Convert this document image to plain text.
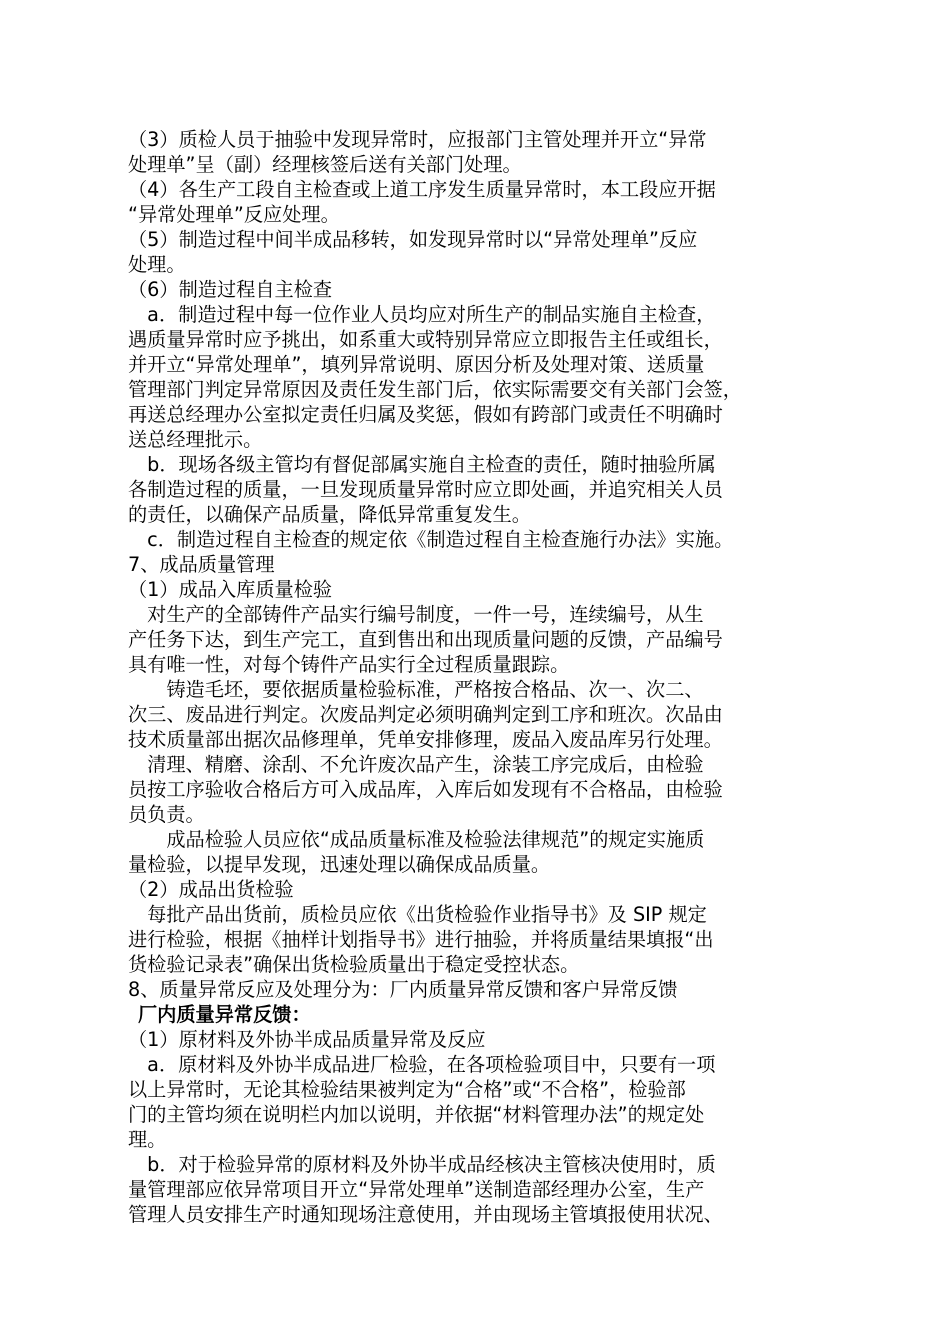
（3）质检人员于抽验中发现异常时，应报部门主管处理并开立“异常
处理单”呈（副）经理核签后送有关部门处理。
（4）各生产工段自主检查或上道工序发生质量异常时，本工段应开据
“异常处理单”反应处理。
（5）制造过程中间半成品移转，如发现异常时以“异常处理单”反应
处理。
（6）制造过程自主检查
　a．制造过程中每一位作业人员均应对所生产的制品实施自主检查，
遇质量异常时应予挑出，如系重大或特别异常应立即报告主任或组长，
并开立“异常处理单”，填列异常说明、原因分析及处理对策、送质量
管理部门判定异常原因及责任发生部门后，依实际需要交有关部门会签，
再送总经理办公室拟定责任归属及奖惩，假如有跨部门或责任不明确时
送总经理批示。
　b．现场各级主管均有督促部属实施自主检查的责任，随时抽验所属
各制造过程的质量，一旦发现质量异常时应立即处画，并追究相关人员
的责任，以确保产品质量，降低异常重复发生。
　c．制造过程自主检查的规定依《制造过程自主检查施行办法》实施。
7、成品质量管理
（1）成品入库质量检验
　对生产的全部铸件产品实行编号制度，一件一号，连续编号，从生
产任务下达，到生产完工，直到售出和出现质量问题的反馈，产品编号
具有唯一性，对每个铸件产品实行全过程质量跟踪。
　　铸造毛坯，要依据质量检验标准，严格按合格品、次一、次二、
次三、废品进行判定。次废品判定必须明确判定到工序和班次。次品由
技术质量部出据次品修理单，凭单安排修理，废品入废品库另行处理。
　清理、精磨、涂刮、不允许废次品产生，涂装工序完成后，由检验
员按工序验收合格后方可入成品库，入库后如发现有不合格品，由检验
员负责。
　　成品检验人员应依“成品质量标准及检验法律规范”的规定实施质
量检验，以提早发现，迅速处理以确保成品质量。
（2）成品出货检验
　每批产品出货前，质检员应依《出货检验作业指导书》及 SIP 规定
进行检验，根据《抽样计划指导书》进行抽验，并将质量结果填报“出
货检验记录表”确保出货检验质量出于稳定受控状态。
8、质量异常反应及处理分为：厂内质量异常反馈和客户异常反馈
厂内质量异常反馈：
（1）原材料及外协半成品质量异常及反应
　a．原材料及外协半成品进厂检验，在各项检验项目中，只要有一项
以上异常时，无论其检验结果被判定为“合格”或“不合格”，检验部
门的主管均须在说明栏内加以说明，并依据“材料管理办法”的规定处
理。
　b．对于检验异常的原材料及外协半成品经核决主管核决使用时，质
量管理部应依异常项目开立“异常处理单”送制造部经理办公室，生产
管理人员安排生产时通知现场注意使用，并由现场主管填报使用状况、
